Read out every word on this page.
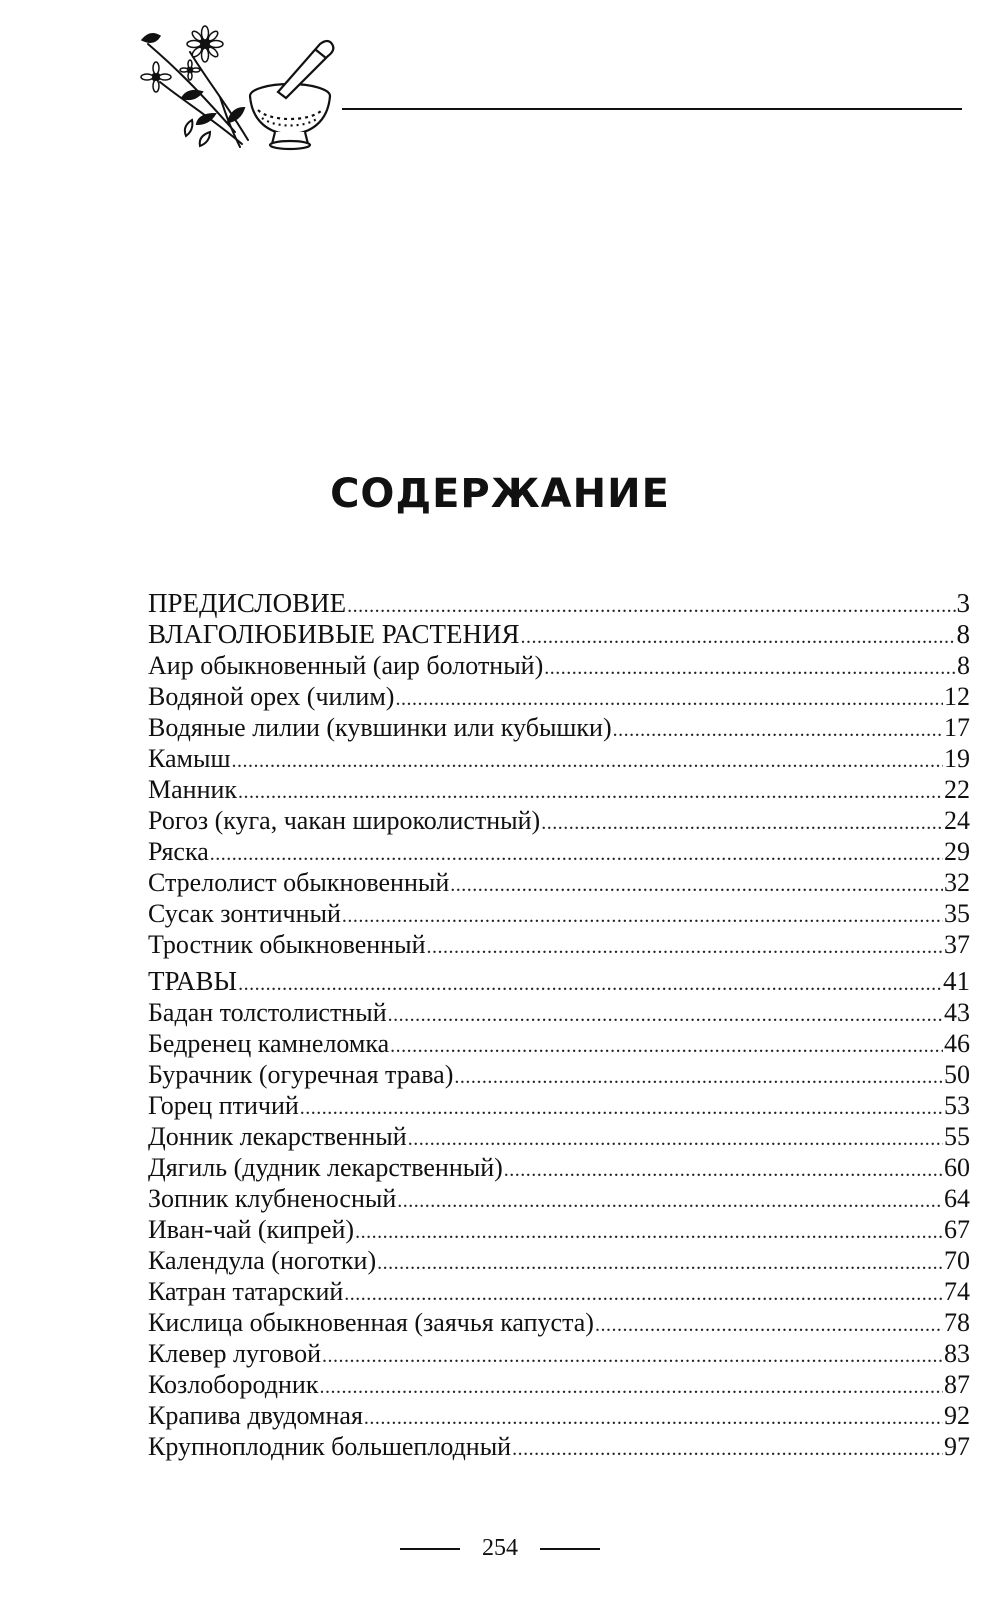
СОДЕРЖАНИЕ
ПРЕДИСЛОВИЕ .....	3
ВЛАГОЛЮБИВЫЕ РАСТЕНИЯ .....	8
Аир обыкновенный (аир болотный) .....	8
Водяной орех (чилим) .....	12
Водяные лилии (кувшинки или кубышки) .....	17
Камыш .....	19
Манник .....	22
Рогоз (куга, чакан широколистный) .....	24
Ряска .....	29
Стрелолист обыкновенный .....	32
Сусак зонтичный .....	35
Тростник обыкновенный .....	37
ТРАВЫ .....	41
Бадан толстолистный .....	43
Бедренец камнеломка .....	46
Бурачник (огуречная трава) .....	50
Горец птичий .....	53
Донник лекарственный .....	55
Дягиль (дудник лекарственный) .....	60
Зопник клубненосный .....	64
Иван-чай (кипрей) .....	67
Календула (ноготки) .....	70
Катран татарский .....	74
Кислица обыкновенная (заячья капуста) .....	78
Клевер луговой .....	83
Козлобородник .....	87
Крапива двудомная .....	92
Крупноплодник большеплодный .....	97
254
